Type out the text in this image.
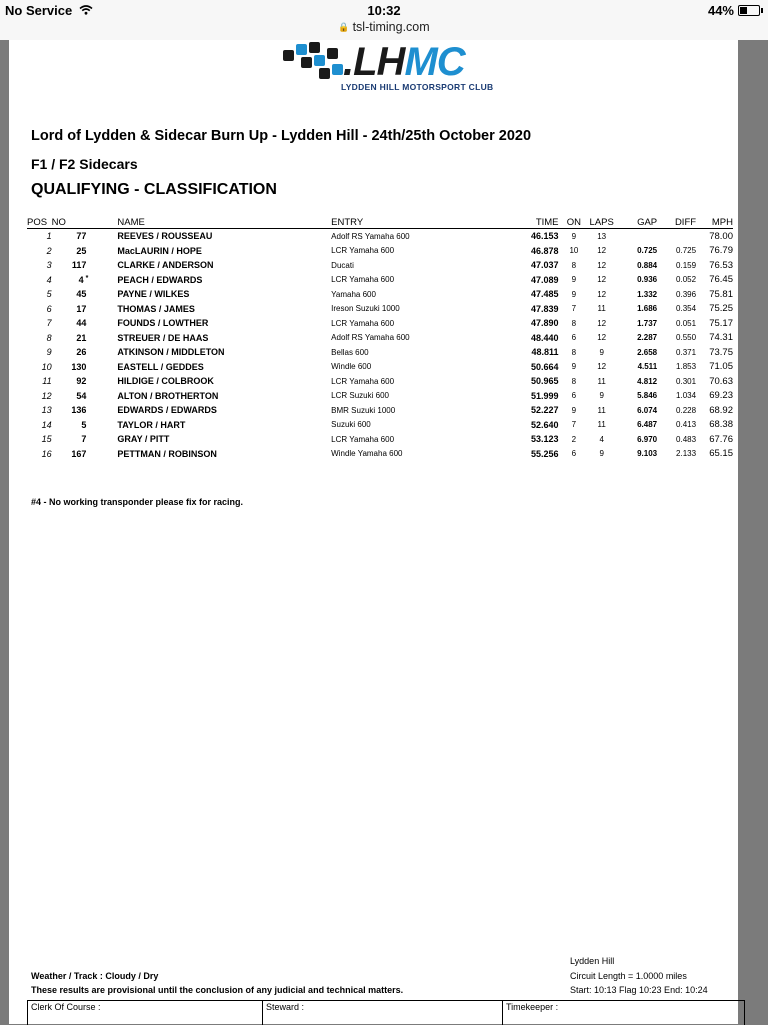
No Service	10:32	44%
🔒 tsl-timing.com
.LHMC
LYDDEN HILL MOTORSPORT CLUB
Lord of Lydden & Sidecar Burn Up - Lydden Hill - 24th/25th October 2020
F1 / F2 Sidecars
QUALIFYING - CLASSIFICATION
POS	NO	NAME	ENTRY	TIME	ON	LAPS	GAP	DIFF	MPH
1	77	REEVES / ROUSSEAU	Adolf RS Yamaha 600	46.153	9	13			78.00
2	25	MacLAURIN / HOPE	LCR Yamaha 600	46.878	10	12	0.725	0.725	76.79
3	117	CLARKE / ANDERSON	Ducati	47.037	8	12	0.884	0.159	76.53
4	4 *	PEACH / EDWARDS	LCR Yamaha 600	47.089	9	12	0.936	0.052	76.45
5	45	PAYNE / WILKES	Yamaha 600	47.485	9	12	1.332	0.396	75.81
6	17	THOMAS / JAMES	Ireson Suzuki 1000	47.839	7	11	1.686	0.354	75.25
7	44	FOUNDS / LOWTHER	LCR Yamaha 600	47.890	8	12	1.737	0.051	75.17
8	21	STREUER / DE HAAS	Adolf RS Yamaha 600	48.440	6	12	2.287	0.550	74.31
9	26	ATKINSON / MIDDLETON	Bellas 600	48.811	8	9	2.658	0.371	73.75
10	130	EASTELL / GEDDES	Windle 600	50.664	9	12	4.511	1.853	71.05
11	92	HILDIGE / COLBROOK	LCR Yamaha 600	50.965	8	11	4.812	0.301	70.63
12	54	ALTON / BROTHERTON	LCR Suzuki 600	51.999	6	9	5.846	1.034	69.23
13	136	EDWARDS / EDWARDS	BMR Suzuki 1000	52.227	9	11	6.074	0.228	68.92
14	5	TAYLOR / HART	Suzuki 600	52.640	7	11	6.487	0.413	68.38
15	7	GRAY / PITT	LCR Yamaha 600	53.123	2	4	6.970	0.483	67.76
16	167	PETTMAN / ROBINSON	Windle Yamaha 600	55.256	6	9	9.103	2.133	65.15
#4 - No working transponder please fix for racing.
Weather / Track : Cloudy / Dry
These results are provisional until the conclusion of any judicial and technical matters.
Lydden Hill
Circuit Length = 1.0000 miles
Start: 10:13 Flag 10:23 End: 10:24
Clerk Of Course :	Steward :	Timekeeper :
